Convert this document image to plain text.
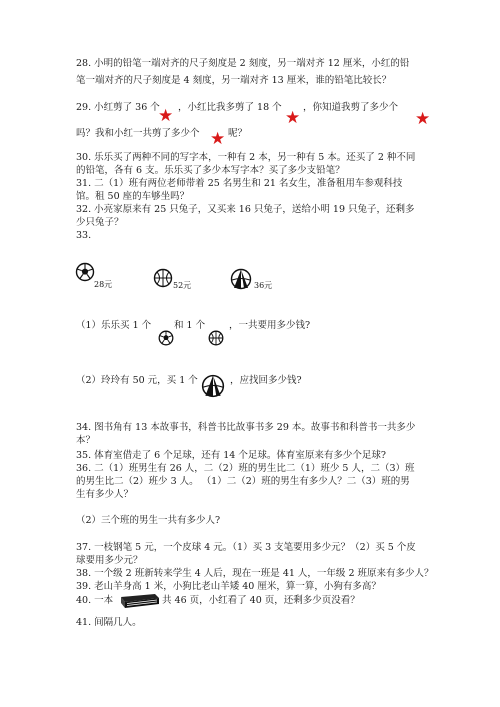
28. 小明的铅笔一端对齐的尺子刻度是 2 刻度，另一端对齐 12 厘米，小红的铅
笔一端对齐的尺子刻度是 4 刻度，另一端对齐 13 厘米，谁的铅笔比较长？
29. 小红剪了 36 个
★ ，小红比我多剪了 18 个
★
，你知道我剪了多少个
★
吗？我和小红一共剪了多少个 ★ 呢？
30. 乐乐买了两种不同的写字本，一种有 2 本，另一种有 5 本。还买了 2 种不同
的铅笔，各有 6 支。乐乐买了多少本写字本？买了多少支铅笔？
31. 二（1）班有两位老师带着 25 名男生和 21 名女生，准备租用车参观科技
馆。租 50 座的车够坐吗？
32. 小亮家原来有 25 只兔子，又买来 16 只兔子，送给小明 19 只兔子，还剩多
少只兔子？
33.
28元	52元	36元
（1）乐乐买 1 个 和 1 个	，一共要用多少钱?
（2）玲玲有 50 元，买 1 个	，应找回多少钱?
34. 图书角有 13 本故事书，科普书比故事书多 29 本。故事书和科普书一共多少
本？
35. 体育室借走了 6 个足球，还有 14 个足球。体育室原来有多少个足球?
36. 二（1）班男生有 26 人，二（2）班的男生比二（1）班少 5 人，二（3）班
的男生比二（2）班少 3 人。 （1）二（2）班的男生有多少人？二（3）班的男
生有多少人？
（2）三个班的男生一共有多少人?
37. 一枝钢笔 5 元，一个皮球 4 元。（1）买 3 支笔要用多少元？（2）买 5 个皮
球要用多少元？
38. 一个级 2 班新转来学生 4 人后，现在一班是 41 人，一年级 2 班原来有多少人？
39. 老山羊身高 1 米，小狗比老山羊矮 40 厘米，算一算，小狗有多高？
40. 一本	共 46 页，小红看了 40 页，还剩多少页没看？
41. 间隔几人。
